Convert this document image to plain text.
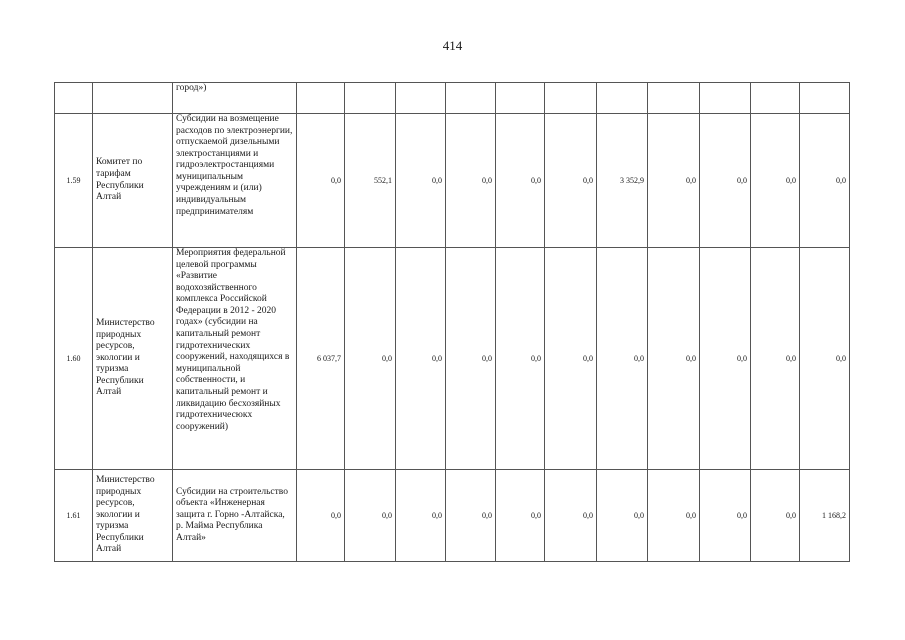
414
		город»)											
1.59	Комитет по тарифам Республики Алтай	Субсидии на возмещение расходов по электроэнергии, отпускаемой дизельными электростанциями и гидроэлектростанциями муниципальным учреждениям и (или) индивидуальным предпринимателям	0,0	552,1	0,0	0,0	0,0	0,0	3 352,9	0,0	0,0	0,0	0,0
1.60	Министерство природных ресурсов, экологии и туризма Республики Алтай	Мероприятия федеральной целевой программы «Развитие водохозяйственного комплекса Российской Федерации в 2012 - 2020 годах» (субсидии на капитальный ремонт гидротехнических сооружений, находящихся в муниципальной собственности, и капитальный ремонт и ликвидацию бесхозяйных гидротехничесюкх сооружений)	6 037,7	0,0	0,0	0,0	0,0	0,0	0,0	0,0	0,0	0,0	0,0
1.61	Министерство природных ресурсов, экологии и туризма Республики Алтай	Субсидии на строительство объекта «Инженерная защита г. Горно -Алтайска, р. Майма Республика Алтай»	0,0	0,0	0,0	0,0	0,0	0,0	0,0	0,0	0,0	0,0	1 168,2
